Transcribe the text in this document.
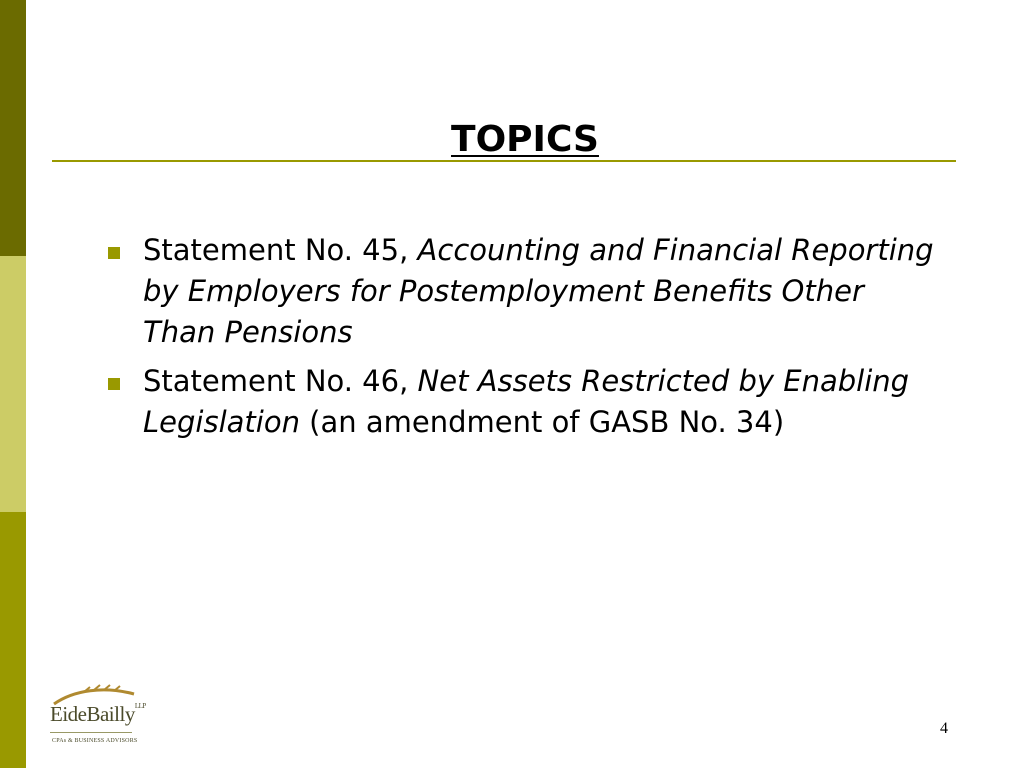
TOPICS
Statement No. 45, Accounting and Financial Reporting by Employers for Postemployment Benefits Other Than Pensions
Statement No. 46, Net Assets Restricted by Enabling Legislation (an amendment of GASB No. 34)
EideBailly$^{LLP}$
CPAs & BUSINESS ADVISORS
4
